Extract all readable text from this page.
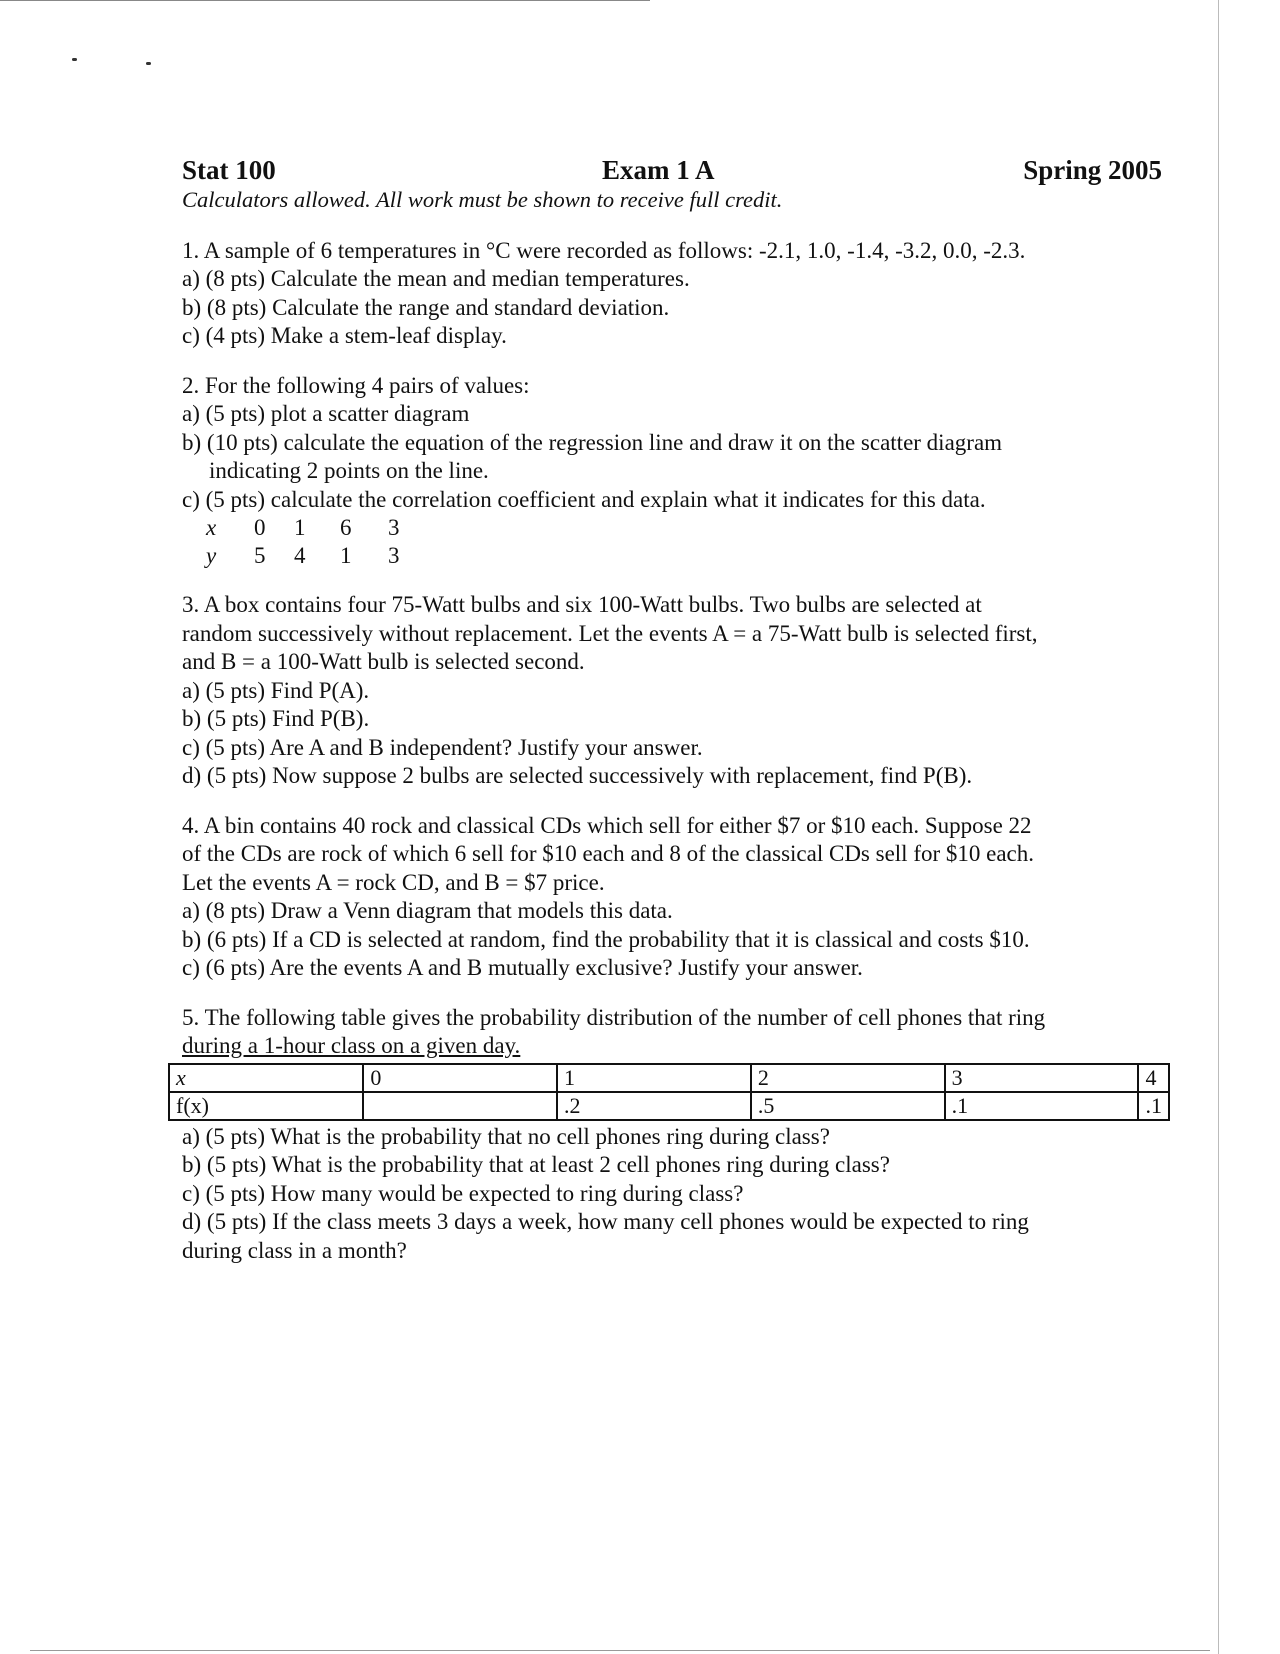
Stat 100	Exam 1 A	Spring 2005
Calculators allowed. All work must be shown to receive full credit.
1. A sample of 6 temperatures in °C were recorded as follows: -2.1, 1.0, -1.4, -3.2, 0.0, -2.3.
a) (8 pts) Calculate the mean and median temperatures.
b) (8 pts) Calculate the range and standard deviation.
c) (4 pts) Make a stem-leaf display.
2. For the following 4 pairs of values:
a) (5 pts) plot a scatter diagram
b) (10 pts) calculate the equation of the regression line and draw it on the scatter diagram
indicating 2 points on the line.
c) (5 pts) calculate the correlation coefficient and explain what it indicates for this data.
x	0	1	6	3
y	5	4	1	3
3. A box contains four 75-Watt bulbs and six 100-Watt bulbs. Two bulbs are selected at
random successively without replacement. Let the events A = a 75-Watt bulb is selected first,
and B = a 100-Watt bulb is selected second.
a) (5 pts) Find P(A).
b) (5 pts) Find P(B).
c) (5 pts) Are A and B independent? Justify your answer.
d) (5 pts) Now suppose 2 bulbs are selected successively with replacement, find P(B).
4. A bin contains 40 rock and classical CDs which sell for either $7 or $10 each. Suppose 22
of the CDs are rock of which 6 sell for $10 each and 8 of the classical CDs sell for $10 each.
Let the events A = rock CD, and B = $7 price.
a) (8 pts) Draw a Venn diagram that models this data.
b) (6 pts) If a CD is selected at random, find the probability that it is classical and costs $10.
c) (6 pts) Are the events A and B mutually exclusive? Justify your answer.
5. The following table gives the probability distribution of the number of cell phones that ring
during a 1-hour class on a given day.
x	0	1	2	3	4
f(x)		.2	.5	.1	.1
a) (5 pts) What is the probability that no cell phones ring during class?
b) (5 pts) What is the probability that at least 2 cell phones ring during class?
c) (5 pts) How many would be expected to ring during class?
d) (5 pts) If the class meets 3 days a week, how many cell phones would be expected to ring
during class in a month?
